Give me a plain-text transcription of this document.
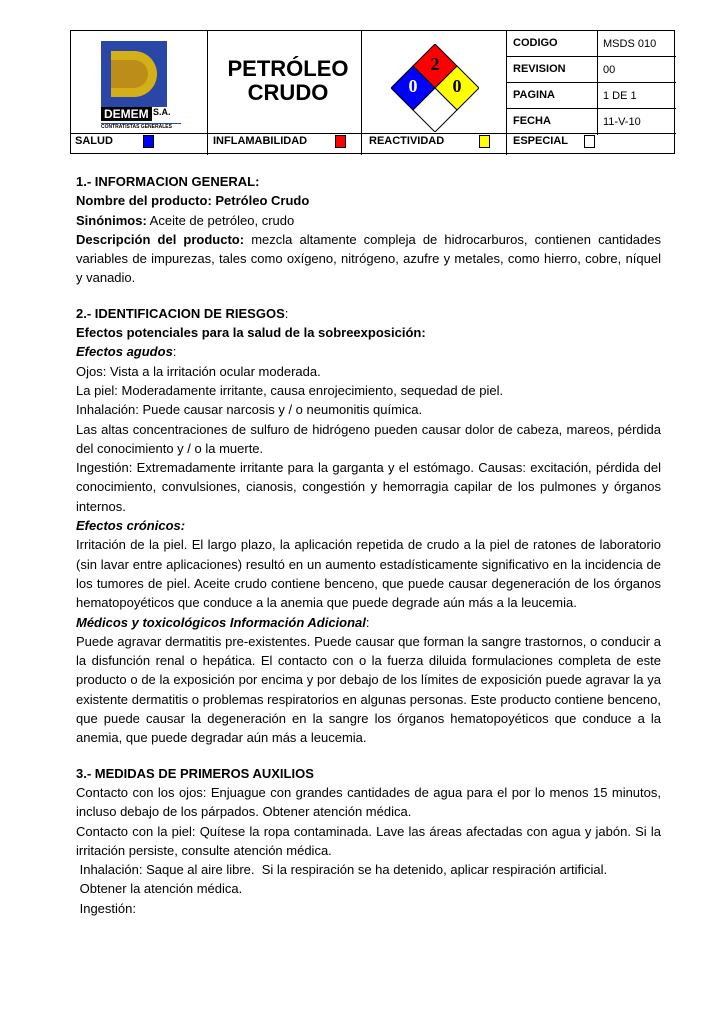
DEMEM S.A.
CONTRATISTAS GENERALES
PETRÓLEO
CRUDO
2
0	0
CODIGO	MSDS 010
REVISION	00
PAGINA	1 DE 1
FECHA	11-V-10
SALUD	INFLAMABILIDAD	REACTIVIDAD	ESPECIAL

1.- INFORMACION GENERAL:

Nombre del producto: Petróleo Crudo

Sinónimos: Aceite de petróleo, crudo

Descripción del producto: mezcla altamente compleja de hidrocarburos, contienen cantidades variables de impurezas, tales como oxígeno, nitrógeno, azufre y metales, como hierro, cobre, níquel y vanadio.

2.- IDENTIFICACION DE RIESGOS:

Efectos potenciales para la salud de la sobreexposición:

Efectos agudos:

Ojos: Vista a la irritación ocular moderada.

La piel: Moderadamente irritante, causa enrojecimiento, sequedad de piel.

Inhalación: Puede causar narcosis y / o neumonitis química.

Las altas concentraciones de sulfuro de hidrógeno pueden causar dolor de cabeza, mareos, pérdida del conocimiento y / o la muerte.

Ingestión: Extremadamente irritante para la garganta y el estómago. Causas: excitación, pérdida del conocimiento, convulsiones, cianosis, congestión y hemorragia capilar de los pulmones y órganos internos.

Efectos crónicos:

Irritación de la piel. El largo plazo, la aplicación repetida de crudo a la piel de ratones de laboratorio (sin lavar entre aplicaciones) resultó en un aumento estadísticamente significativo en la incidencia de los tumores de piel. Aceite crudo contiene benceno, que puede causar degeneración de los órganos hematopoyéticos que conduce a la anemia que puede degrade aún más a la leucemia.

Médicos y toxicológicos Información Adicional:

Puede agravar dermatitis pre-existentes. Puede causar que forman la sangre trastornos, o conducir a la disfunción renal o hepática. El contacto con o la fuerza diluida formulaciones completa de este producto o de la exposición por encima y por debajo de los límites de exposición puede agravar la ya existente dermatitis o problemas respiratorios en algunas personas. Este producto contiene benceno, que puede causar la degeneración en la sangre los órganos hematopoyéticos que conduce a la anemia, que puede degradar aún más a leucemia.

3.- MEDIDAS DE PRIMEROS AUXILIOS

Contacto con los ojos: Enjuague con grandes cantidades de agua para el por lo menos 15 minutos, incluso debajo de los párpados. Obtener atención médica.

Contacto con la piel: Quítese la ropa contaminada. Lave las áreas afectadas con agua y jabón. Si la irritación persiste, consulte atención médica.

Inhalación: Saque al aire libre.  Si la respiración se ha detenido, aplicar respiración artificial.

Obtener la atención médica.

Ingestión:
